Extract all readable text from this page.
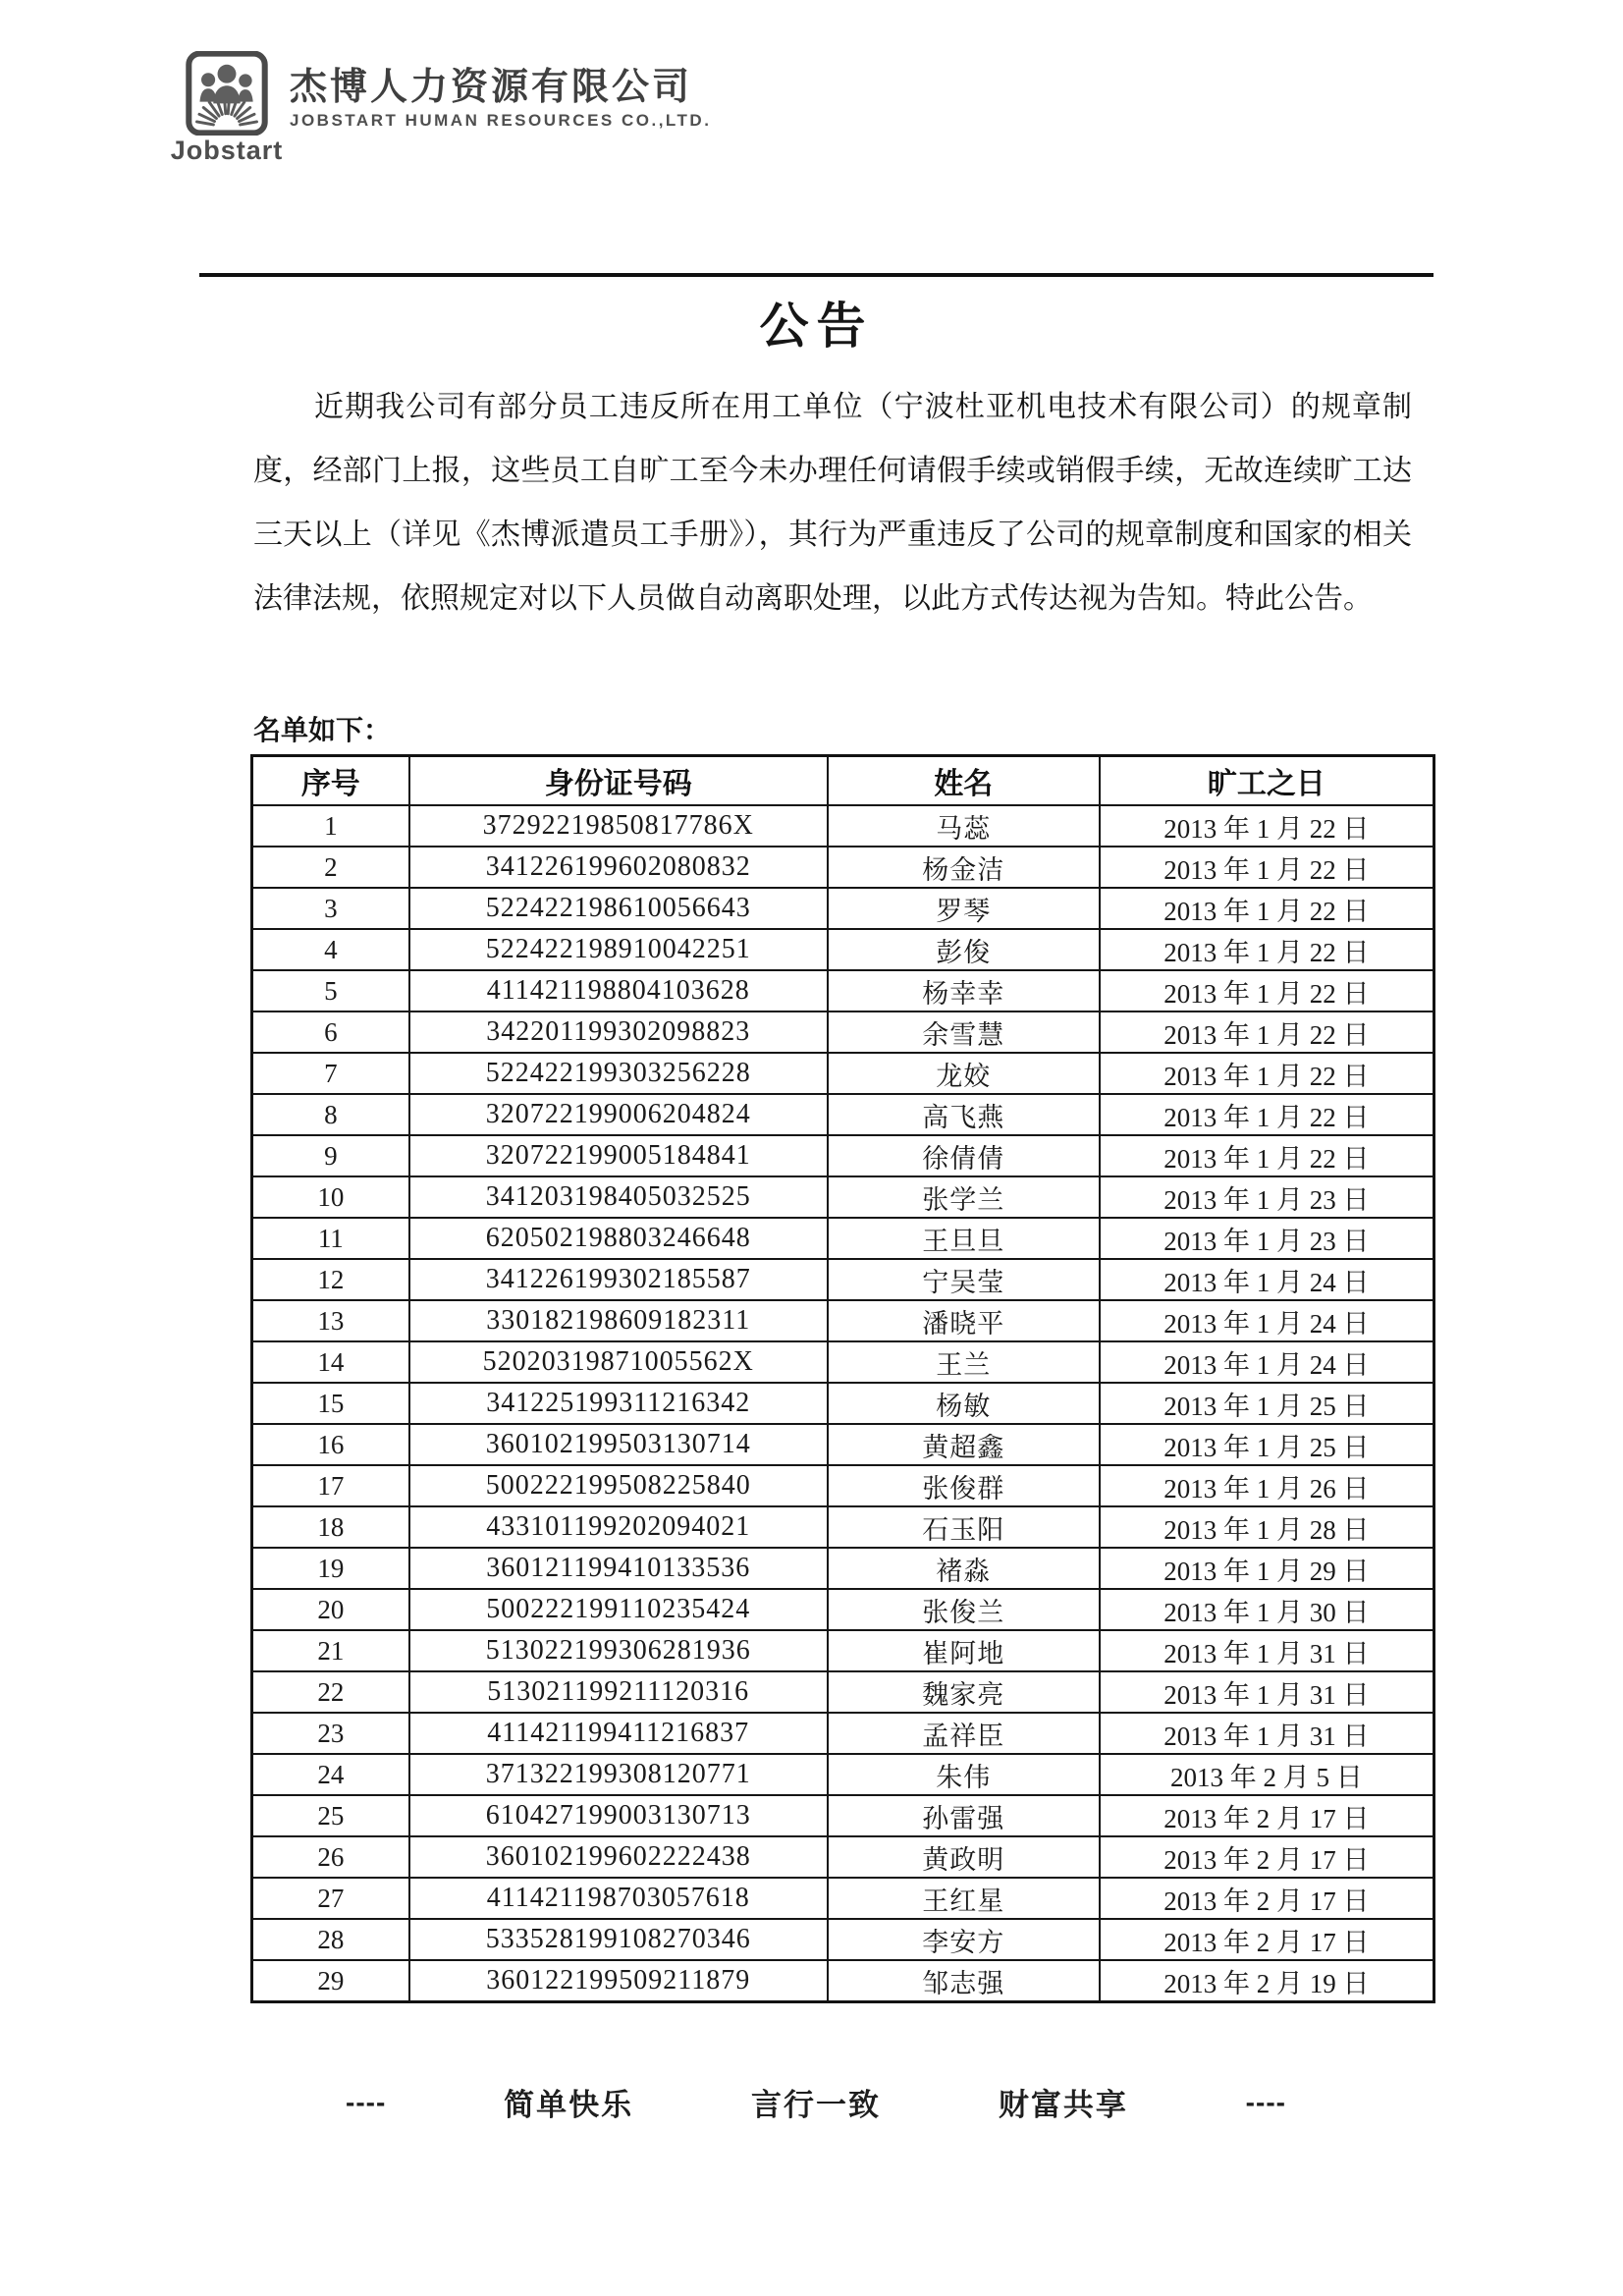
Jobstart
杰博人力资源有限公司
JOBSTART HUMAN RESOURCES CO.,LTD.
公告

近期我公司有部分员工违反所在用工单位（宁波杜亚机电技术有限公司）的规章制度，经部门上报，这些员工自旷工至今未办理任何请假手续或销假手续，无故连续旷工达三天以上（详见《杰博派遣员工手册》），其行为严重违反了公司的规章制度和国家的相关法律法规，依照规定对以下人员做自动离职处理，以此方式传达视为告知。特此公告。

名单如下：
序号	身份证号码	姓名	旷工之日
1	37292219850817786X	马蕊	2013 年 1 月 22 日
2	341226199602080832	杨金洁	2013 年 1 月 22 日
3	522422198610056643	罗琴	2013 年 1 月 22 日
4	522422198910042251	彭俊	2013 年 1 月 22 日
5	411421198804103628	杨幸幸	2013 年 1 月 22 日
6	342201199302098823	余雪慧	2013 年 1 月 22 日
7	522422199303256228	龙姣	2013 年 1 月 22 日
8	320722199006204824	高飞燕	2013 年 1 月 22 日
9	320722199005184841	徐倩倩	2013 年 1 月 22 日
10	341203198405032525	张学兰	2013 年 1 月 23 日
11	620502198803246648	王旦旦	2013 年 1 月 23 日
12	341226199302185587	宁吴莹	2013 年 1 月 24 日
13	330182198609182311	潘晓平	2013 年 1 月 24 日
14	52020319871005562X	王兰	2013 年 1 月 24 日
15	341225199311216342	杨敏	2013 年 1 月 25 日
16	360102199503130714	黄超鑫	2013 年 1 月 25 日
17	500222199508225840	张俊群	2013 年 1 月 26 日
18	433101199202094021	石玉阳	2013 年 1 月 28 日
19	360121199410133536	褚淼	2013 年 1 月 29 日
20	500222199110235424	张俊兰	2013 年 1 月 30 日
21	513022199306281936	崔阿地	2013 年 1 月 31 日
22	513021199211120316	魏家亮	2013 年 1 月 31 日
23	411421199411216837	孟祥臣	2013 年 1 月 31 日
24	371322199308120771	朱伟	2013 年 2 月 5 日
25	610427199003130713	孙雷强	2013 年 2 月 17 日
26	360102199602222438	黄政明	2013 年 2 月 17 日
27	411421198703057618	王红星	2013 年 2 月 17 日
28	533528199108270346	李安方	2013 年 2 月 17 日
29	360122199509211879	邹志强	2013 年 2 月 19 日
----	简单快乐	言行一致	财富共享	----
